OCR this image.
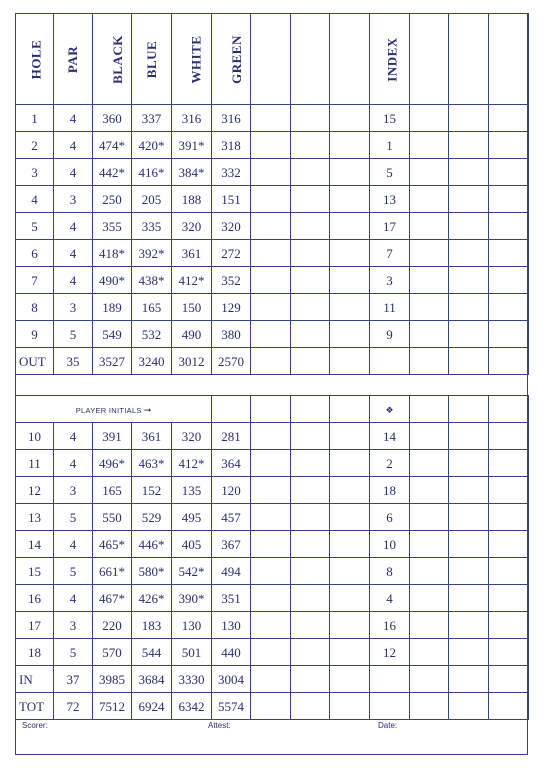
HOLE	PAR	BLACK	BLUE	WHITE	GREEN				INDEX			
1	4	360	337	316	316				15			
2	4	474*	420*	391*	318				1			
3	4	442*	416*	384*	332				5			
4	3	250	205	188	151				13			
5	4	355	335	320	320				17			
6	4	418*	392*	361	272				7			
7	4	490*	438*	412*	352				3			
8	3	189	165	150	129				11			
9	5	549	532	490	380				9			
OUT	35	3527	3240	3012	2570							

PLAYER INITIALS ➞									❖			
10	4	391	361	320	281				14			
11	4	496*	463*	412*	364				2			
12	3	165	152	135	120				18			
13	5	550	529	495	457				6			
14	4	465*	446*	405	367				10			
15	5	661*	580*	542*	494				8			
16	4	467*	426*	390*	351				4			
17	3	220	183	130	130				16			
18	5	570	544	501	440				12			
IN	37	3985	3684	3330	3004							
TOT	72	7512	6924	6342	5574							
Scorer:	Attest:	Date:
